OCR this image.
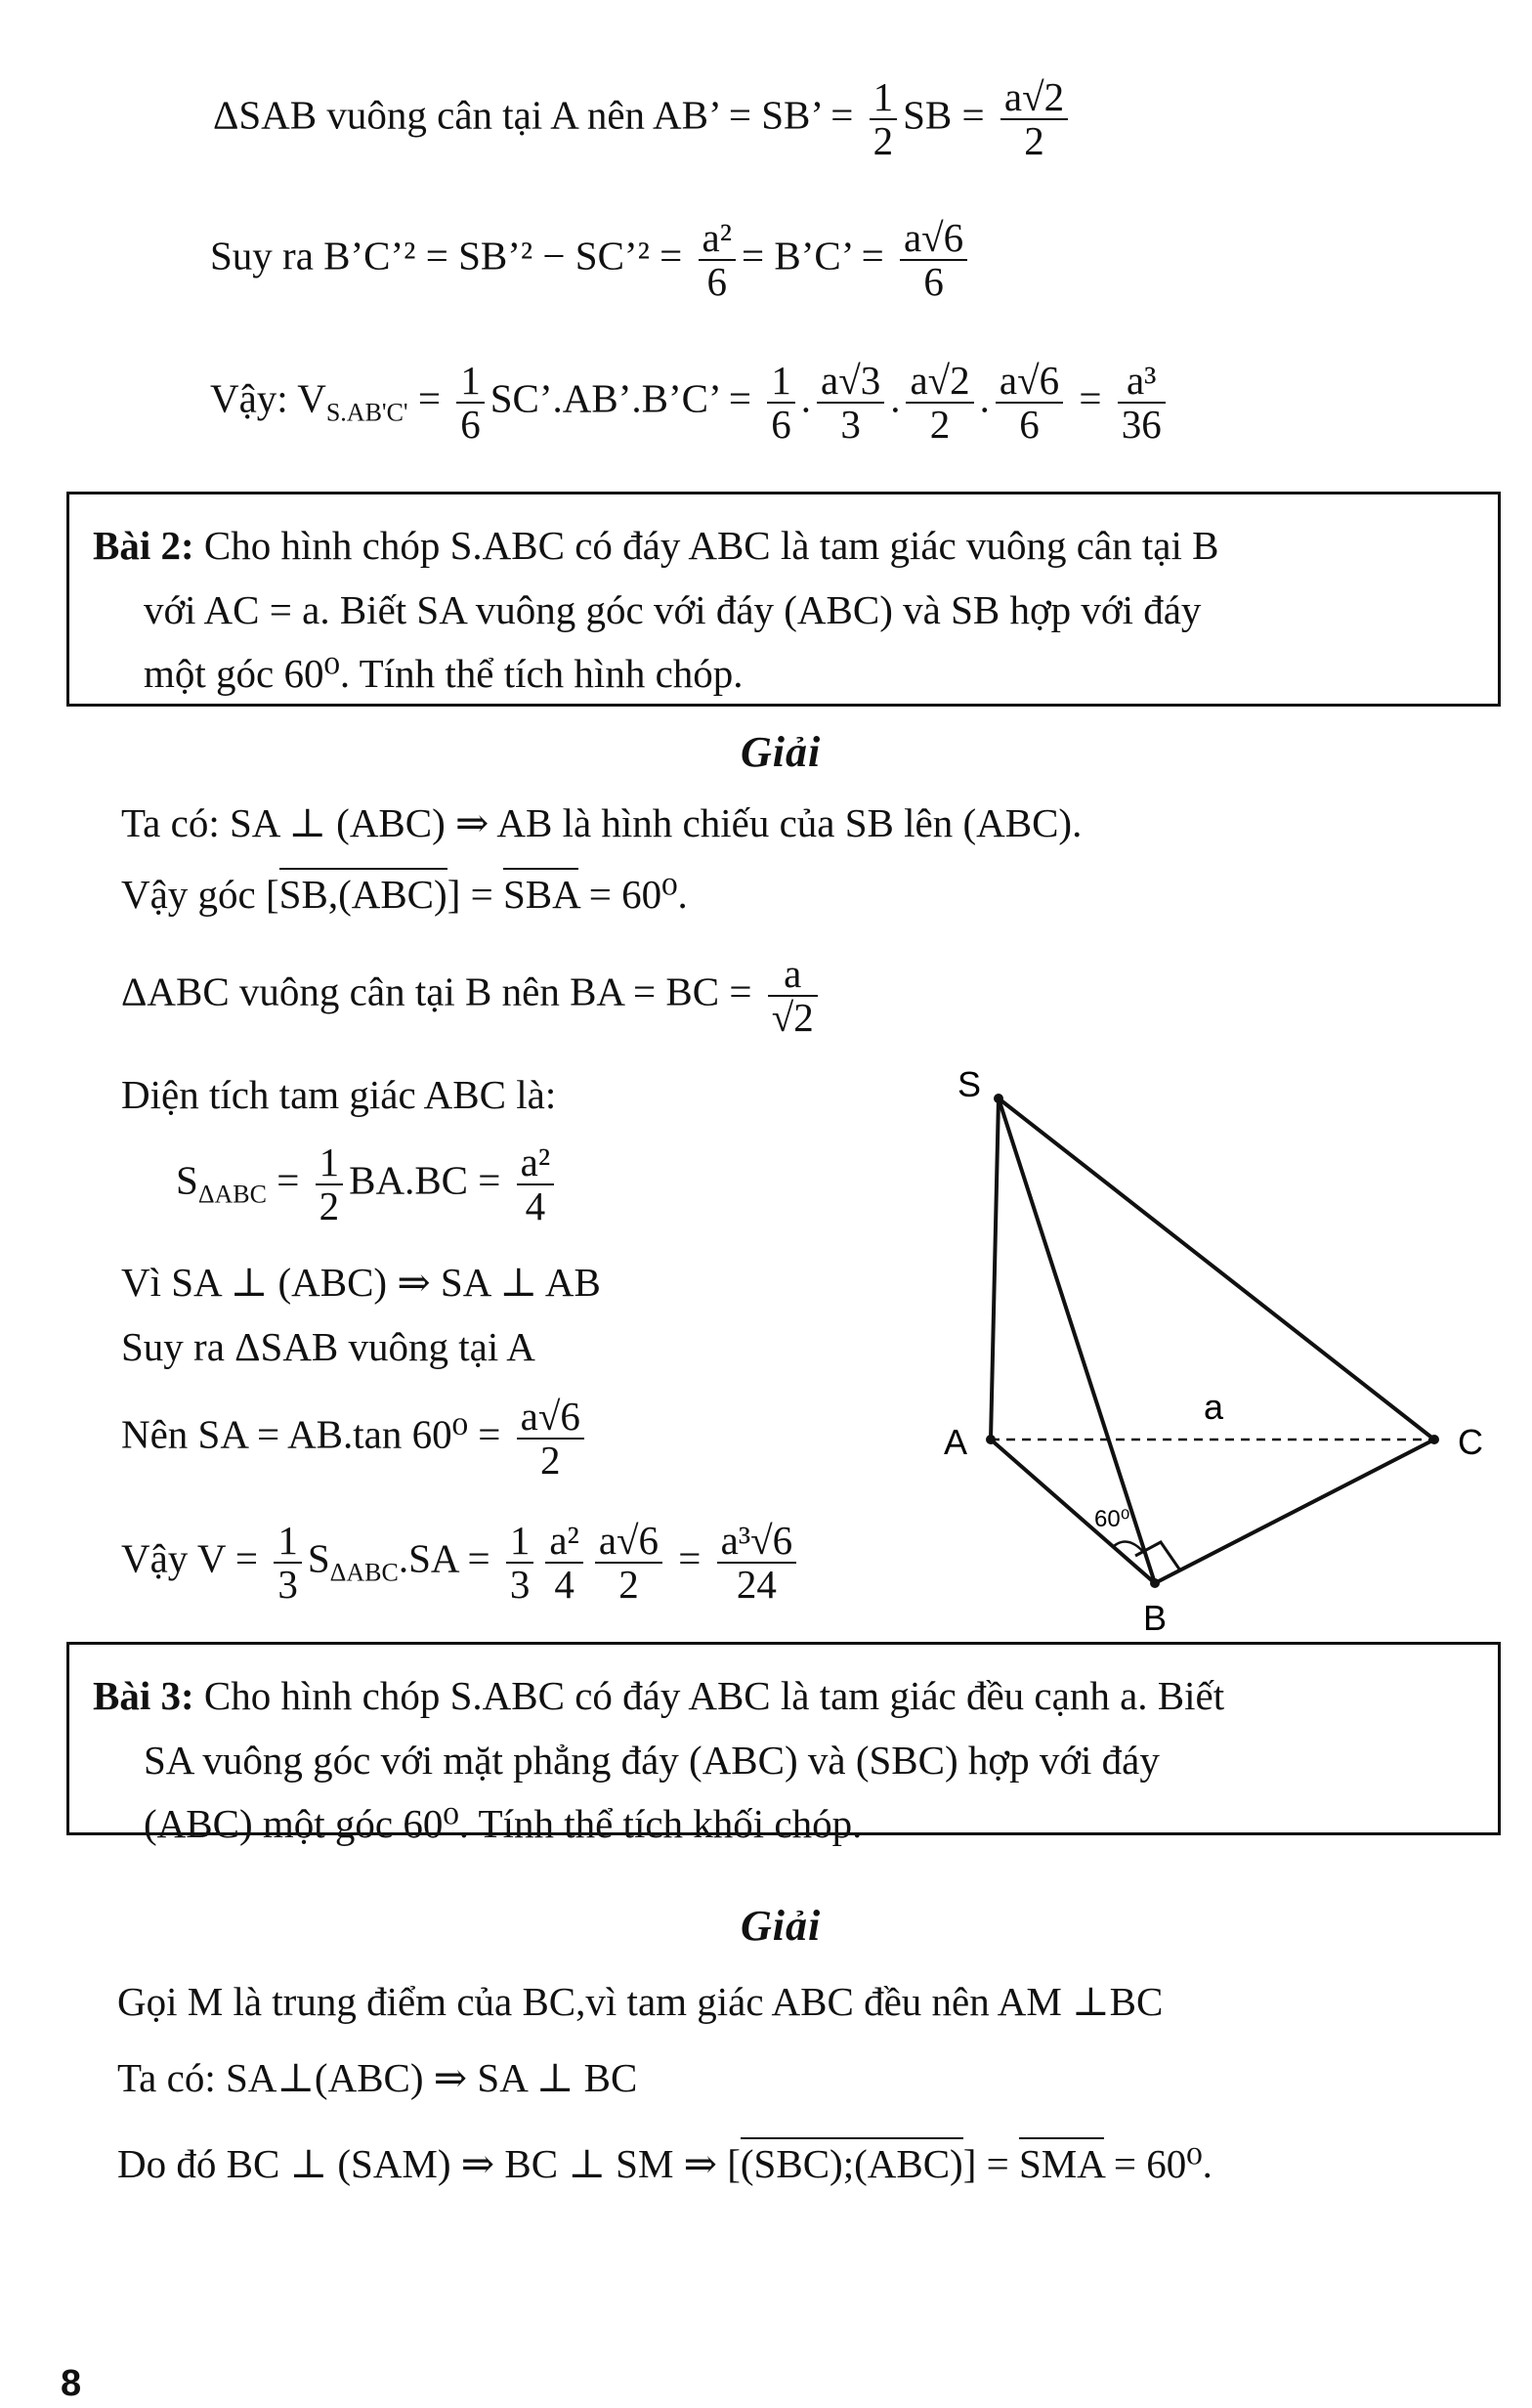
ΔSAB vuông cân tại A nên AB’ = SB’ = $\frac{1}{2}$ SB = $\frac{a√2}{2}$
Suy ra B’C’² = SB’² − SC’² = $\frac{\text{a²}}{6}$ = B’C’ = $\frac{a√6}{6}$
Vậy: $V_{S.AB'C'} = \frac{1}{6}$ SC’.AB’.B’C’ = $\frac{1}{6}$ . $\frac{a√3}{3}$ . $\frac{a√2}{2}$ . $\frac{a√6}{6} = \frac{\text{a³}}{36}$
Bài 2: Cho hình chóp S.ABC có đáy ABC là tam giác vuông cân tại B
với AC = a. Biết SA vuông góc với đáy (ABC) và SB hợp với đáy
một góc 60⁰. Tính thể tích hình chóp.
Giải
Ta có: SA ⊥ (ABC) ⇒ AB là hình chiếu của SB lên (ABC).
Vậy góc [SB,(ABC)] = SBA = 60⁰.
ΔABC vuông cân tại B nên BA = BC = $\frac{a}{√2}$
Diện tích tam giác ABC là:
$S_{\Delta ABC} = \frac{1}{2} BA.BC = \frac{\text{a²}}{4}$
Vì SA ⊥ (ABC) ⇒ SA ⊥ AB
Suy ra ΔSAB vuông tại A
Nên SA = AB.tan $60^0 = \frac{a√6}{2}$
Vậy $V = \frac{1}{3} S_{\Delta ABC}.SA = \frac{1}{3} \frac{\text{a²}}{4} \frac{a√6}{2} = \frac{\text{a³√6}}{24}$
S
A
B
C
a
60⁰
Bài 3: Cho hình chóp S.ABC có đáy ABC là tam giác đều cạnh a. Biết
SA vuông góc với mặt phẳng đáy (ABC) và (SBC) hợp với đáy
(ABC) một góc 60⁰. Tính thể tích khối chóp.
Giải
Gọi M là trung điểm của BC,vì tam giác ABC đều nên AM ⊥BC
Ta có: SA⊥(ABC) ⇒ SA ⊥ BC
Do đó BC ⊥ (SAM) ⇒ BC ⊥ SM ⇒ [(SBC);(ABC)] = SMA = 60⁰.
8
